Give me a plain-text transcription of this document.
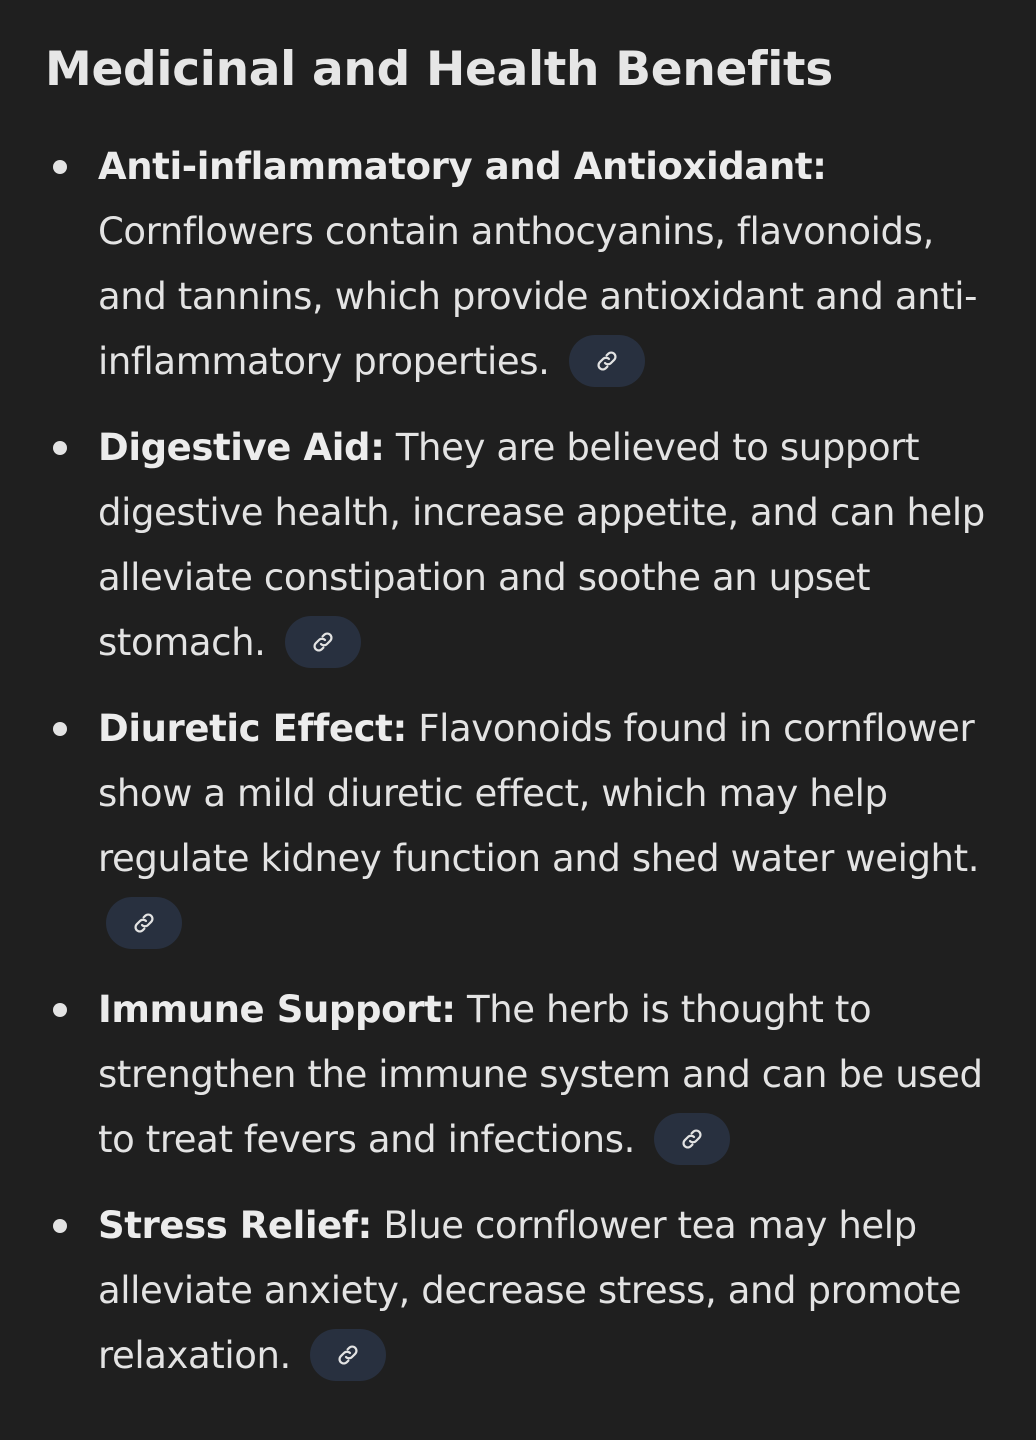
Medicinal and Health Benefits
Anti-inflammatory and Antioxidant: Cornflowers contain anthocyanins, flavonoids, and tannins, which provide antioxidant and anti-inflammatory properties.
Digestive Aid: They are believed to support digestive health, increase appetite, and can help alleviate constipation and soothe an upset stomach.
Diuretic Effect: Flavonoids found in cornflower show a mild diuretic effect, which may help regulate kidney function and shed water weight.
Immune Support: The herb is thought to strengthen the immune system and can be used to treat fevers and infections.
Stress Relief: Blue cornflower tea may help alleviate anxiety, decrease stress, and promote relaxation.
